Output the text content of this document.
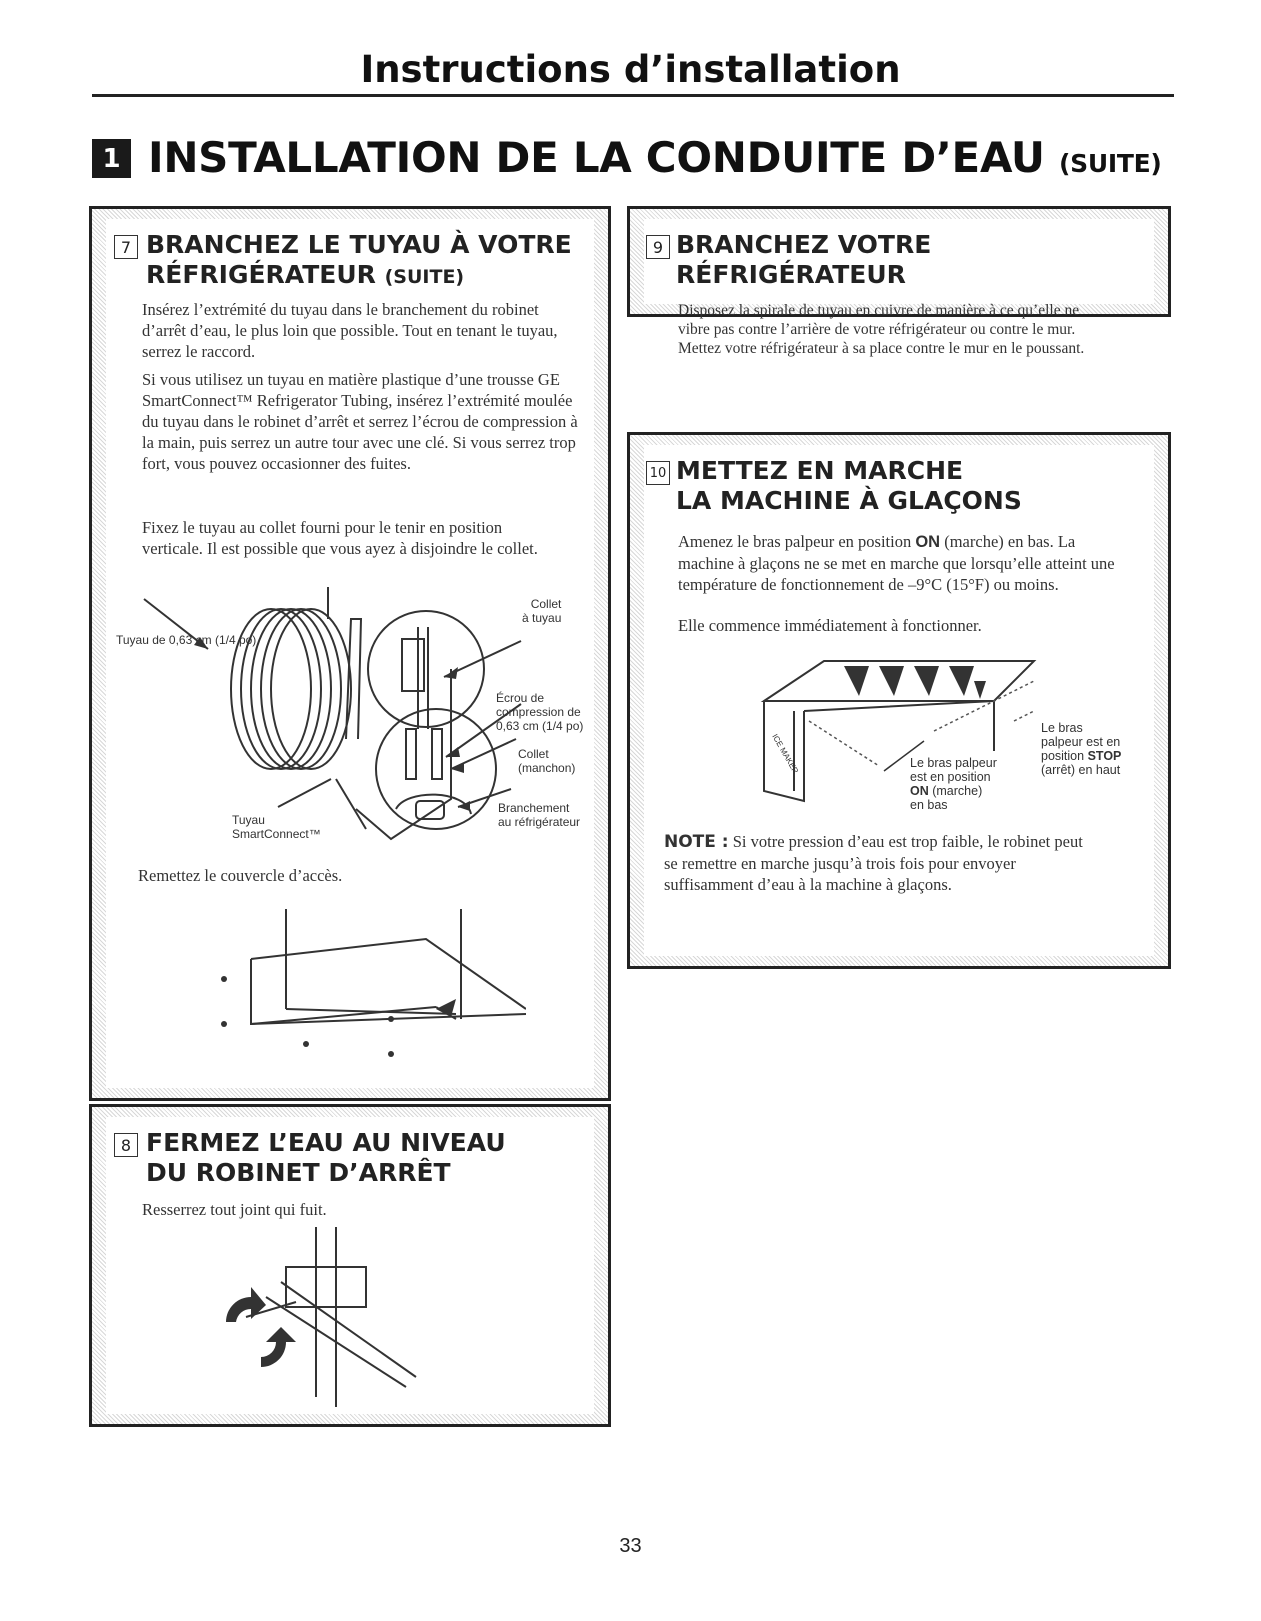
Instructions d’installation
1 INSTALLATION DE LA CONDUITE D’EAU (SUITE)
7 BRANCHEZ LE TUYAU À VOTRE
RÉFRIGÉRATEUR (SUITE)

Insérez l’extrémité du tuyau dans le branchement du robinet d’arrêt d’eau, le plus loin que possible. Tout en tenant le tuyau, serrez le raccord.

Si vous utilisez un tuyau en matière plastique d’une trousse GE SmartConnect™ Refrigerator Tubing, insérez l’extrémité moulée du tuyau dans le robinet d’arrêt et serrez l’écrou de compression à la main, puis serrez un autre tour avec une clé. Si vous serrez trop fort, vous pouvez occasionner des fuites.

Fixez le tuyau au collet fourni pour le tenir en position verticale. Il est possible que vous ayez à disjoindre le collet.

Collet
à tuyau
Tuyau de 0,63 cm (1/4 po)
Écrou de
compression de
0,63 cm (1/4 po)
Collet
(manchon)
Branchement
au réfrigérateur
Tuyau
SmartConnect™

Remettez le couvercle d’accès.

8 FERMEZ L’EAU AU NIVEAU
DU ROBINET D’ARRÊT

Resserrez tout joint qui fuit.

9 BRANCHEZ VOTRE
RÉFRIGÉRATEUR

Disposez la spirale de tuyau en cuivre de manière à ce qu’elle ne vibre pas contre l’arrière de votre réfrigérateur ou contre le mur. Mettez votre réfrigérateur à sa place contre le mur en le poussant.

10 METTEZ EN MARCHE
LA MACHINE À GLAÇONS

Amenez le bras palpeur en position ON (marche) en bas. La machine à glaçons ne se met en marche que lorsqu’elle atteint une température de fonctionnement de –9°C (15°F) ou moins.

Elle commence immédiatement à fonctionner.

ICE MAKER
Le bras
palpeur est en
position STOP
(arrêt) en haut
Le bras palpeur
est en position
ON (marche)
en bas

NOTE : Si votre pression d’eau est trop faible, le robinet peut se remettre en marche jusqu’à trois fois pour envoyer suffisamment d’eau à la machine à glaçons.

33
